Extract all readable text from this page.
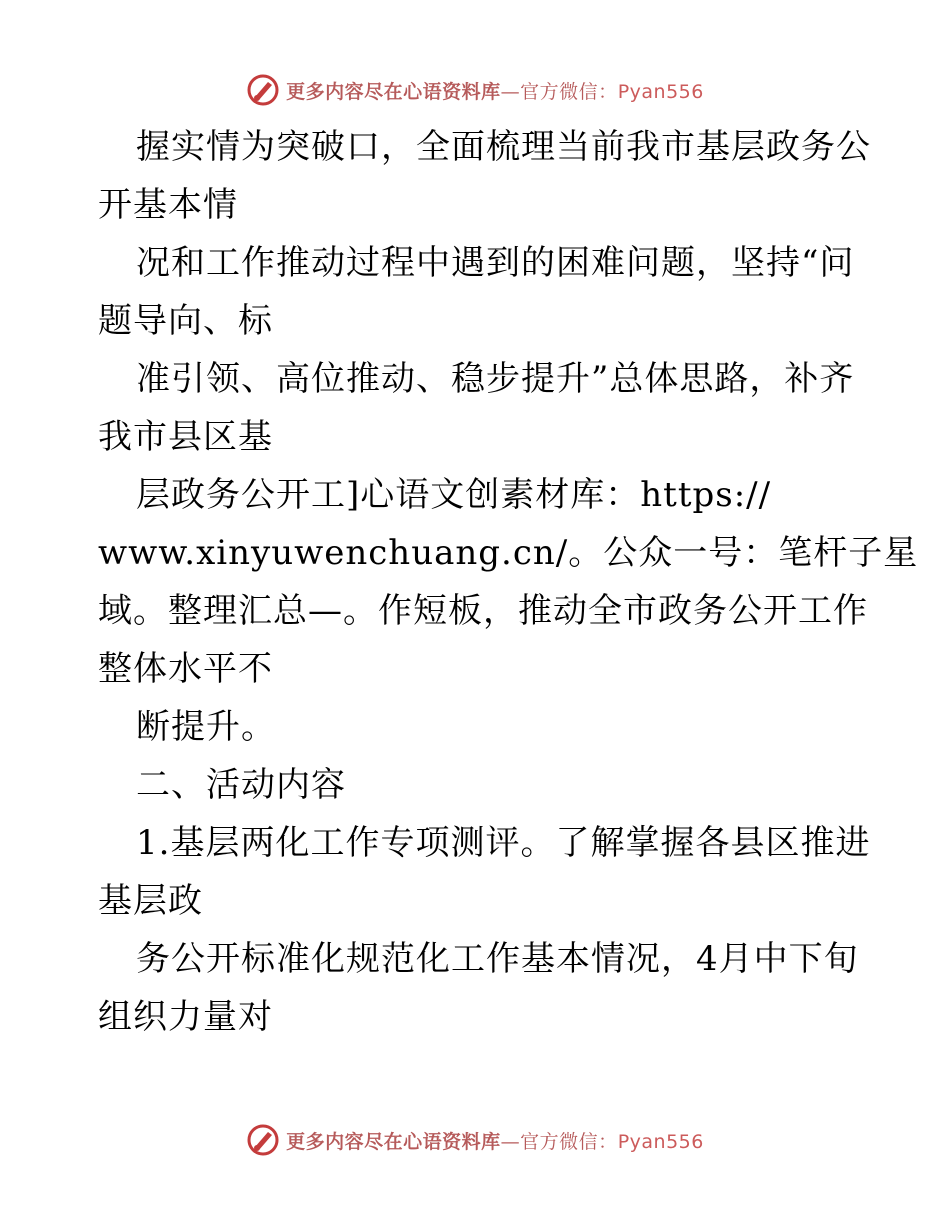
更多内容尽在心语资料库—官方微信：Pyan556
握实情为突破口，全面梳理当前我市基层政务公
开基本情
况和工作推动过程中遇到的困难问题，坚持“问
题导向、标
准引领、高位推动、稳步提升”总体思路，补齐
我市县区基
层政务公开工]心语文创素材库：https://
www.xinyuwenchuang.cn/。公众一号：笔杆子星
域。整理汇总—。作短板，推动全市政务公开工作
整体水平不
断提升。
二、活动内容
1.基层两化工作专项测评。了解掌握各县区推进
基层政
务公开标准化规范化工作基本情况，4月中下旬
组织力量对
更多内容尽在心语资料库—官方微信：Pyan556
